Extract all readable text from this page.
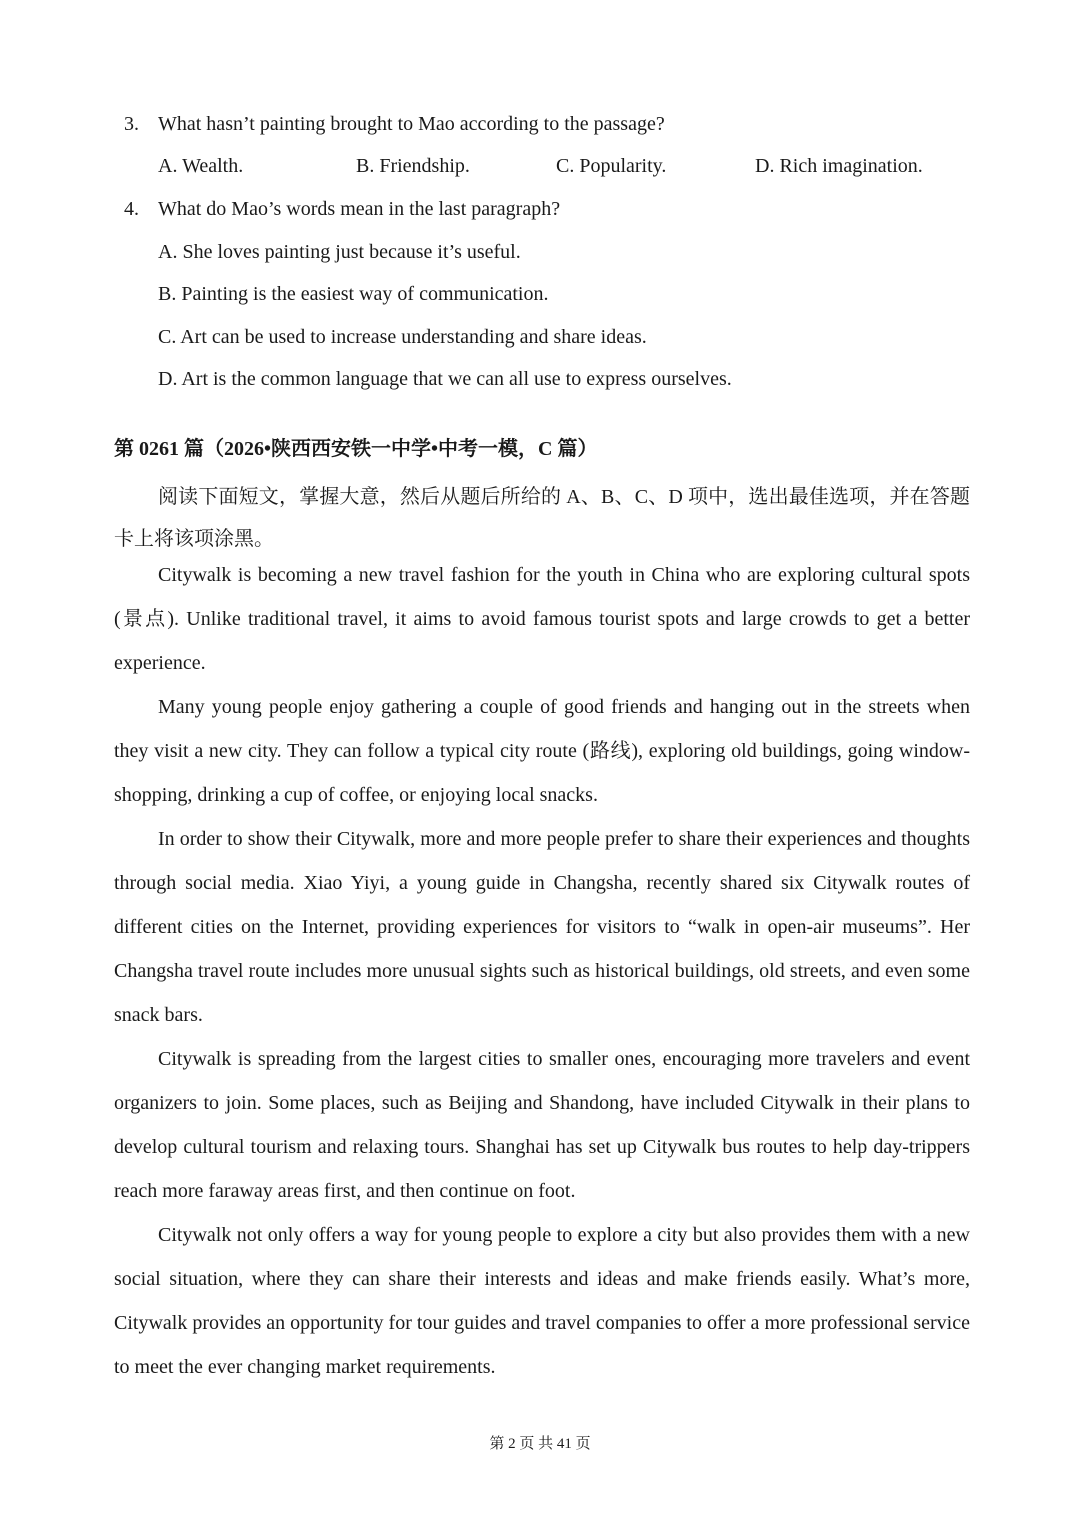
3. What hasn’t painting brought to Mao according to the passage?
A. Wealth.	B. Friendship.	C. Popularity.	D. Rich imagination.
4. What do Mao’s words mean in the last paragraph?
A. She loves painting just because it’s useful.
B. Painting is the easiest way of communication.
C. Art can be used to increase understanding and share ideas.
D. Art is the common language that we can all use to express ourselves.
第 0261 篇（2026•陕西西安铁一中学•中考一模，C 篇）
阅读下面短文，掌握大意，然后从题后所给的 A、B、C、D 项中，选出最佳选项，并在答题卡上将该项涂黑。

Citywalk is becoming a new travel fashion for the youth in China who are exploring cultural spots (景点). Unlike traditional travel, it aims to avoid famous tourist spots and large crowds to get a better experience.

Many young people enjoy gathering a couple of good friends and hanging out in the streets when they visit a new city. They can follow a typical city route (路线), exploring old buildings, going window-shopping, drinking a cup of coffee, or enjoying local snacks.

In order to show their Citywalk, more and more people prefer to share their experiences and thoughts through social media. Xiao Yiyi, a young guide in Changsha, recently shared six Citywalk routes of different cities on the Internet, providing experiences for visitors to “walk in open-air museums”. Her Changsha travel route includes more unusual sights such as historical buildings, old streets, and even some snack bars.

Citywalk is spreading from the largest cities to smaller ones, encouraging more travelers and event organizers to join. Some places, such as Beijing and Shandong, have included Citywalk in their plans to develop cultural tourism and relaxing tours. Shanghai has set up Citywalk bus routes to help day-trippers reach more faraway areas first, and then continue on foot.

Citywalk not only offers a way for young people to explore a city but also provides them with a new social situation, where they can share their interests and ideas and make friends easily. What’s more, Citywalk provides an opportunity for tour guides and travel companies to offer a more professional service to meet the ever changing market requirements.

第 2 页 共 41 页
